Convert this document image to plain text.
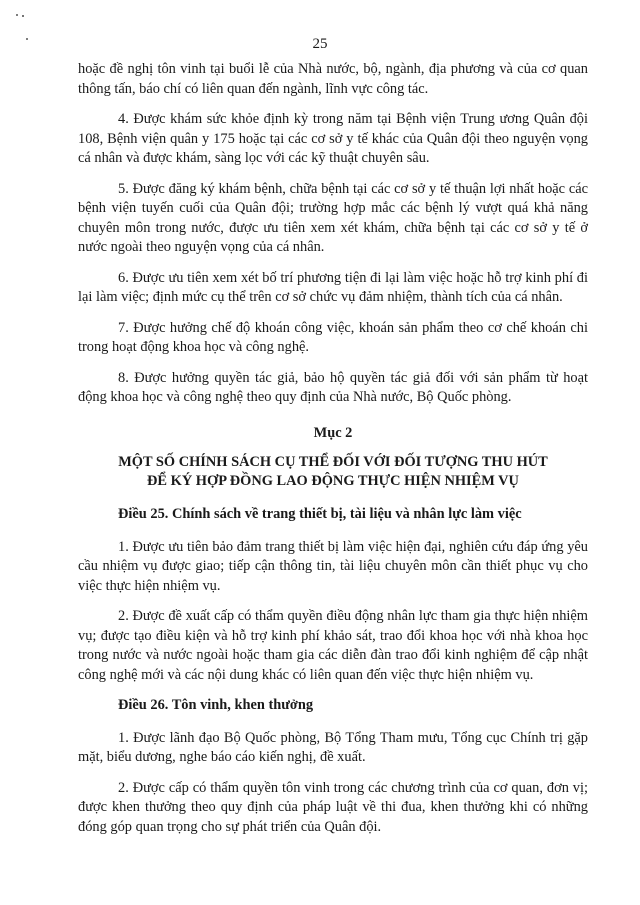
25

hoặc đề nghị tôn vinh tại buổi lễ của Nhà nước, bộ, ngành, địa phương và của cơ quan thông tấn, báo chí có liên quan đến ngành, lĩnh vực công tác.

4. Được khám sức khỏe định kỳ trong năm tại Bệnh viện Trung ương Quân đội 108, Bệnh viện quân y 175 hoặc tại các cơ sở y tế khác của Quân đội theo nguyện vọng cá nhân và được khám, sàng lọc với các kỹ thuật chuyên sâu.

5. Được đăng ký khám bệnh, chữa bệnh tại các cơ sở y tế thuận lợi nhất hoặc các bệnh viện tuyến cuối của Quân đội; trường hợp mắc các bệnh lý vượt quá khả năng chuyên môn trong nước, được ưu tiên xem xét khám, chữa bệnh tại các cơ sở y tế ở nước ngoài theo nguyện vọng của cá nhân.

6. Được ưu tiên xem xét bố trí phương tiện đi lại làm việc hoặc hỗ trợ kinh phí đi lại làm việc; định mức cụ thể trên cơ sở chức vụ đảm nhiệm, thành tích của cá nhân.

7. Được hưởng chế độ khoán công việc, khoán sản phẩm theo cơ chế khoán chi trong hoạt động khoa học và công nghệ.

8. Được hưởng quyền tác giả, bảo hộ quyền tác giả đối với sản phẩm từ hoạt động khoa học và công nghệ theo quy định của Nhà nước, Bộ Quốc phòng.

Mục 2
MỘT SỐ CHÍNH SÁCH CỤ THỂ ĐỐI VỚI ĐỐI TƯỢNG THU HÚT
ĐỂ KÝ HỢP ĐỒNG LAO ĐỘNG THỰC HIỆN NHIỆM VỤ
Điều 25. Chính sách về trang thiết bị, tài liệu và nhân lực làm việc

1. Được ưu tiên bảo đảm trang thiết bị làm việc hiện đại, nghiên cứu đáp ứng yêu cầu nhiệm vụ được giao; tiếp cận thông tin, tài liệu chuyên môn cần thiết phục vụ cho việc thực hiện nhiệm vụ.

2. Được đề xuất cấp có thẩm quyền điều động nhân lực tham gia thực hiện nhiệm vụ; được tạo điều kiện và hỗ trợ kinh phí khảo sát, trao đổi khoa học với nhà khoa học trong nước và nước ngoài hoặc tham gia các diễn đàn trao đổi kinh nghiệm để cập nhật công nghệ mới và các nội dung khác có liên quan đến việc thực hiện nhiệm vụ.

Điều 26. Tôn vinh, khen thưởng

1. Được lãnh đạo Bộ Quốc phòng, Bộ Tổng Tham mưu, Tổng cục Chính trị gặp mặt, biểu dương, nghe báo cáo kiến nghị, đề xuất.

2. Được cấp có thẩm quyền tôn vinh trong các chương trình của cơ quan, đơn vị; được khen thưởng theo quy định của pháp luật về thi đua, khen thưởng khi có những đóng góp quan trọng cho sự phát triển của Quân đội.
